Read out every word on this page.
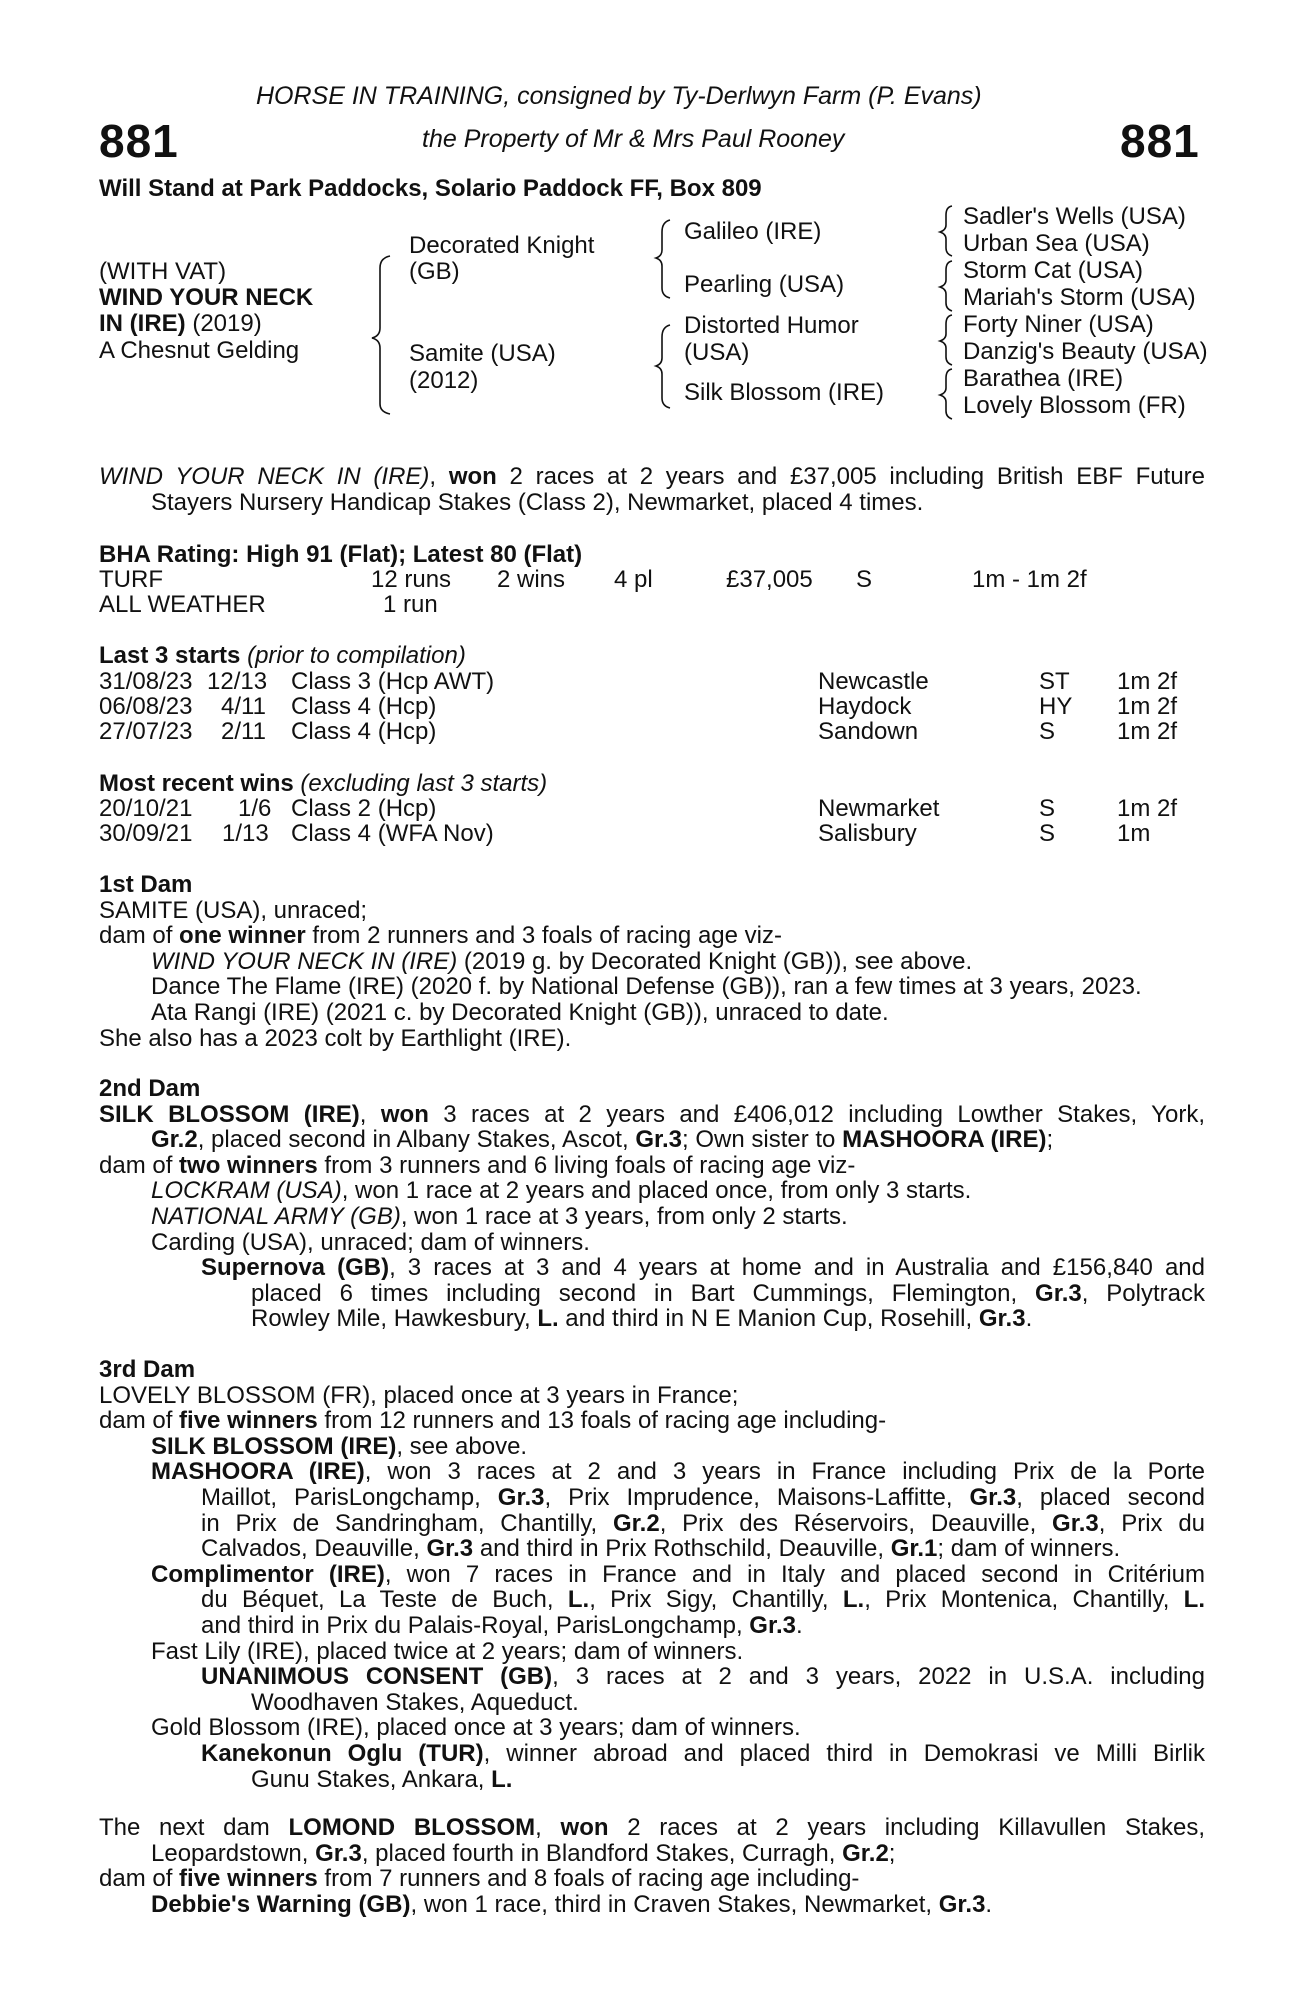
881	881
HORSE IN TRAINING, consigned by Ty-Derlwyn Farm (P. Evans)
the Property of Mr & Mrs Paul Rooney
Will Stand at Park Paddocks, Solario Paddock FF, Box 809
(WITH VAT)
WIND YOUR NECK
IN (IRE) (2019)
A Chesnut Gelding
Decorated Knight
(GB)
Samite (USA)
(2012)
Galileo (IRE)
Pearling (USA)
Distorted Humor
(USA)
Silk Blossom (IRE)
Sadler's Wells (USA)
Urban Sea (USA)
Storm Cat (USA)
Mariah's Storm (USA)
Forty Niner (USA)
Danzig's Beauty (USA)
Barathea (IRE)
Lovely Blossom (FR)
WIND YOUR NECK IN (IRE), won 2 races at 2 years and £37,005 including British EBF Future
Stayers Nursery Handicap Stakes (Class 2), Newmarket, placed 4 times.
BHA Rating: High 91 (Flat); Latest 80 (Flat)
TURF	12 runs 2 wins 4 pl	£37,005 S	1m - 1m 2f
ALL WEATHER	1 run
Last 3 starts (prior to compilation)
31/08/23 12/13 Class 3 (Hcp AWT)	Newcastle	ST 1m 2f
06/08/23 4/11 Class 4 (Hcp)	Haydock	HY 1m 2f
27/07/23 2/11 Class 4 (Hcp)	Sandown	S	1m 2f
Most recent wins (excluding last 3 starts)
20/10/21 1/6 Class 2 (Hcp)	Newmarket	S	1m 2f
30/09/21 1/13 Class 4 (WFA Nov)	Salisbury	S	1m
1st Dam
SAMITE (USA), unraced;
dam of one winner from 2 runners and 3 foals of racing age viz-
WIND YOUR NECK IN (IRE) (2019 g. by Decorated Knight (GB)), see above.
Dance The Flame (IRE) (2020 f. by National Defense (GB)), ran a few times at 3 years, 2023.
Ata Rangi (IRE) (2021 c. by Decorated Knight (GB)), unraced to date.
She also has a 2023 colt by Earthlight (IRE).
2nd Dam
SILK BLOSSOM (IRE), won 3 races at 2 years and £406,012 including Lowther Stakes, York,
Gr.2, placed second in Albany Stakes, Ascot, Gr.3; Own sister to MASHOORA (IRE);
dam of two winners from 3 runners and 6 living foals of racing age viz-
LOCKRAM (USA), won 1 race at 2 years and placed once, from only 3 starts.
NATIONAL ARMY (GB), won 1 race at 3 years, from only 2 starts.
Carding (USA), unraced; dam of winners.
Supernova (GB), 3 races at 3 and 4 years at home and in Australia and £156,840 and
placed 6 times including second in Bart Cummings, Flemington, Gr.3, Polytrack
Rowley Mile, Hawkesbury, L. and third in N E Manion Cup, Rosehill, Gr.3.
3rd Dam
LOVELY BLOSSOM (FR), placed once at 3 years in France;
dam of five winners from 12 runners and 13 foals of racing age including-
SILK BLOSSOM (IRE), see above.
MASHOORA (IRE), won 3 races at 2 and 3 years in France including Prix de la Porte
Maillot, ParisLongchamp, Gr.3, Prix Imprudence, Maisons-Laffitte, Gr.3, placed second
in Prix de Sandringham, Chantilly, Gr.2, Prix des Réservoirs, Deauville, Gr.3, Prix du
Calvados, Deauville, Gr.3 and third in Prix Rothschild, Deauville, Gr.1; dam of winners.
Complimentor (IRE), won 7 races in France and in Italy and placed second in Critérium
du Béquet, La Teste de Buch, L., Prix Sigy, Chantilly, L., Prix Montenica, Chantilly, L.
and third in Prix du Palais-Royal, ParisLongchamp, Gr.3.
Fast Lily (IRE), placed twice at 2 years; dam of winners.
UNANIMOUS CONSENT (GB), 3 races at 2 and 3 years, 2022 in U.S.A. including
Woodhaven Stakes, Aqueduct.
Gold Blossom (IRE), placed once at 3 years; dam of winners.
Kanekonun Oglu (TUR), winner abroad and placed third in Demokrasi ve Milli Birlik
Gunu Stakes, Ankara, L.
The next dam LOMOND BLOSSOM, won 2 races at 2 years including Killavullen Stakes,
Leopardstown, Gr.3, placed fourth in Blandford Stakes, Curragh, Gr.2;
dam of five winners from 7 runners and 8 foals of racing age including-
Debbie's Warning (GB), won 1 race, third in Craven Stakes, Newmarket, Gr.3.
